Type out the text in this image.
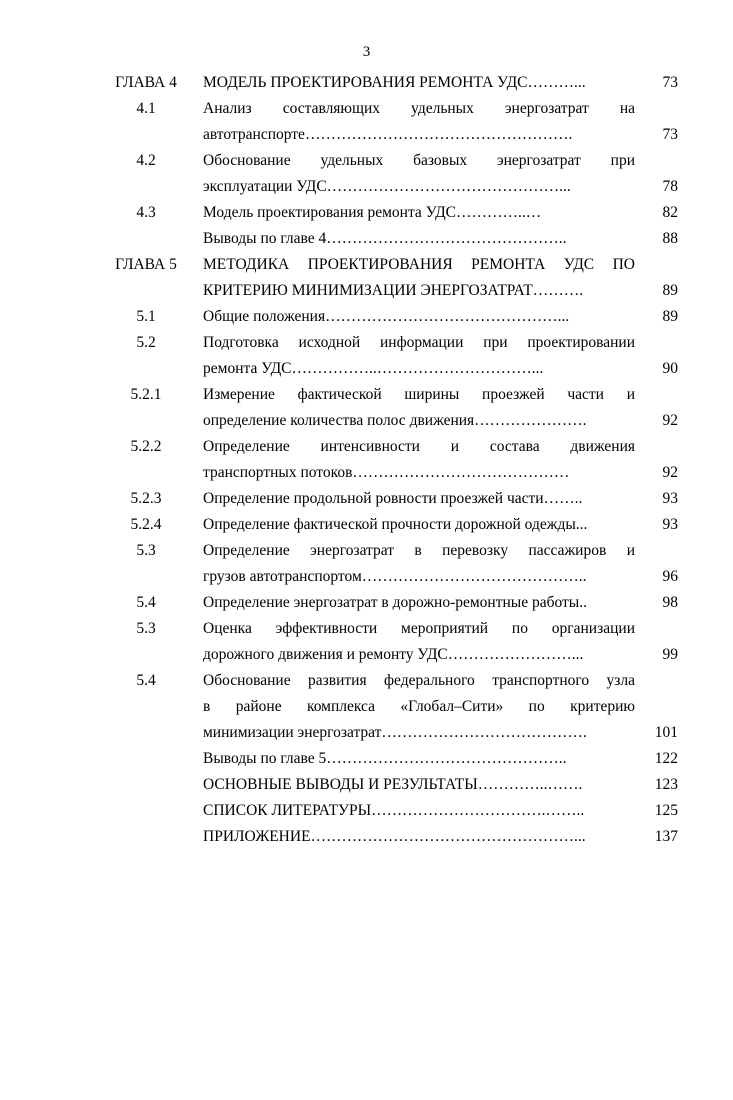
3
ГЛАВА 4	МОДЕЛЬ ПРОЕКТИРОВАНИЯ РЕМОНТА УДС………...	73
4.1	Анализ составляющих удельных энергозатрат на
автотранспорте…………………………………………….	73
4.2	Обоснование удельных базовых энергозатрат при
эксплуатации УДС………………………………………...	78
4.3	Модель проектирования ремонта УДС…………..…	82
Выводы по главе 4………………………………………..	88
ГЛАВА 5	МЕТОДИКА ПРОЕКТИРОВАНИЯ РЕМОНТА УДС ПО
КРИТЕРИЮ МИНИМИЗАЦИИ ЭНЕРГОЗАТРАТ……….	89
5.1	Общие положения………………………………………...	89
5.2	Подготовка исходной информации при проектировании
ремонта УДС……………..…………………………...	90
5.2.1	Измерение фактической ширины проезжей части и
определение количества полос движения………………….	92
5.2.2	Определение интенсивности и состава движения
транспортных потоков……………………………………	92
5.2.3	Определение продольной ровности проезжей части……..	93
5.2.4	Определение фактической прочности дорожной одежды...	93
5.3	Определение энергозатрат в перевозку пассажиров и
грузов автотранспортом……………………………………..	96
5.4	Определение энергозатрат в дорожно-ремонтные работы..	98
5.3	Оценка эффективности мероприятий по организации
дорожного движения и ремонту УДС……………………...	99
5.4	Обоснование развития федерального транспортного узла
в районе комплекса «Глобал–Сити» по критерию
минимизации энергозатрат………………………………….	101
Выводы по главе 5………………………………………..	122
ОСНОВНЫЕ ВЫВОДЫ И РЕЗУЛЬТАТЫ…………..…….	123
СПИСОК ЛИТЕРАТУРЫ…………………………….……..	125
ПРИЛОЖЕНИЕ……………………………………………...	137
